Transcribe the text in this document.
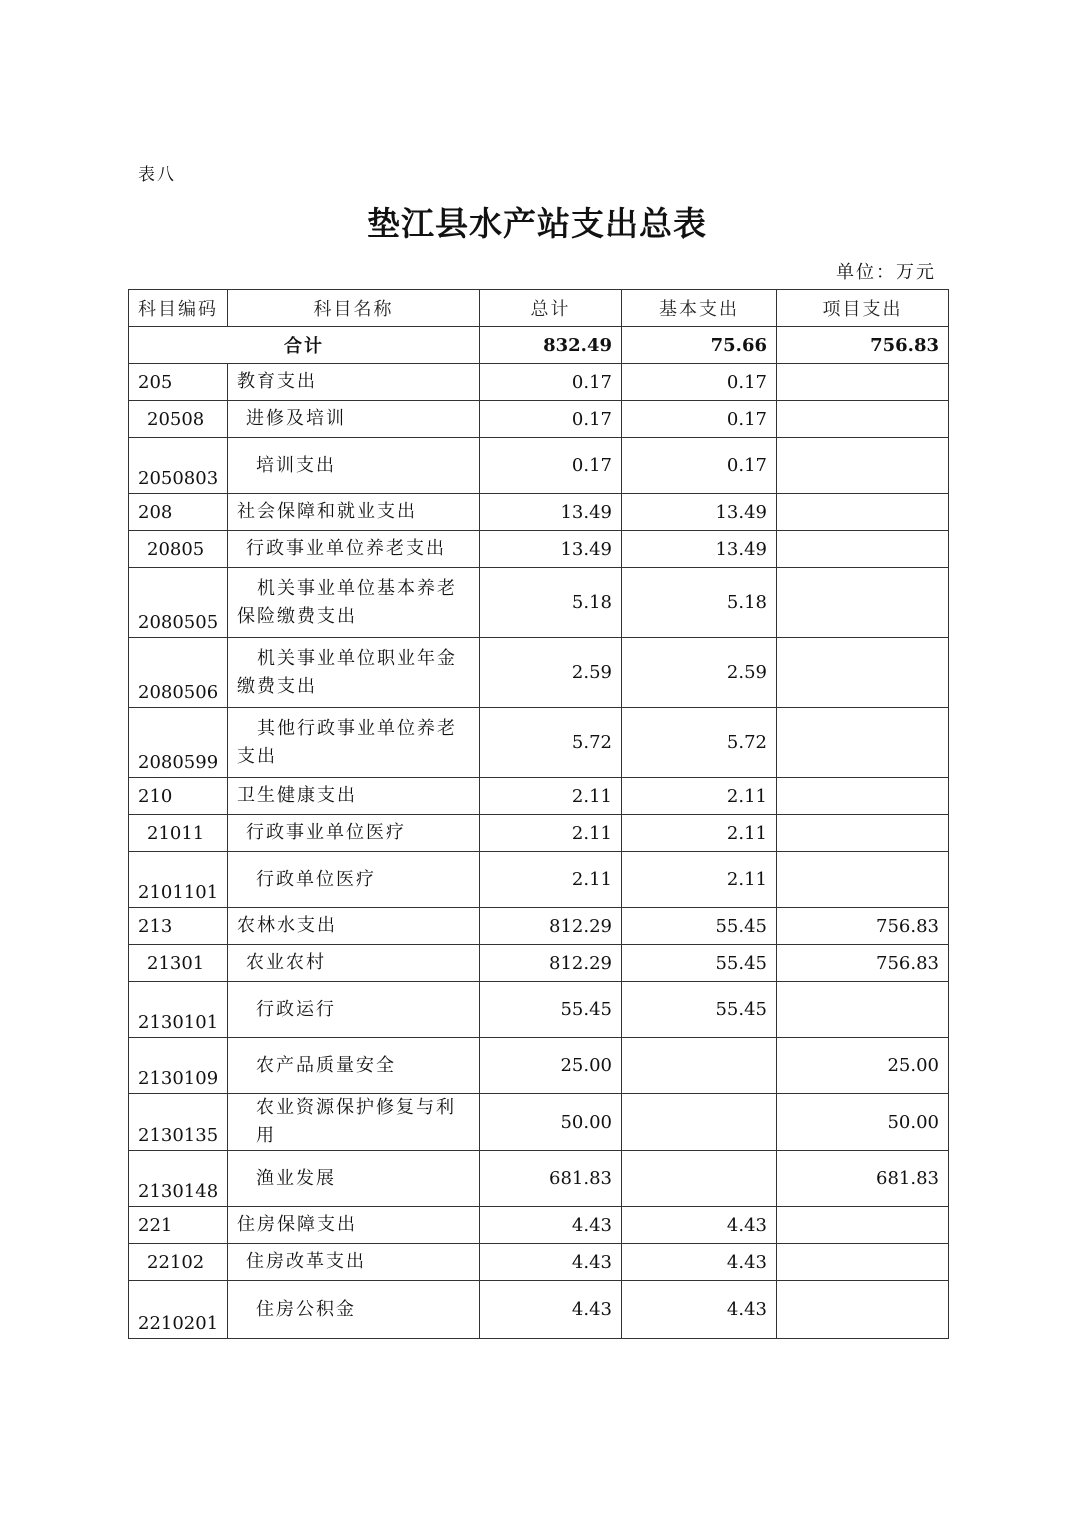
表八
垫江县水产站支出总表
单位：万元
科目编码	科目名称	总计	基本支出	项目支出
合计		832.49	75.66	756.83
205	教育支出	0.17	0.17	
20508	进修及培训	0.17	0.17	
2050803	培训支出	0.17	0.17	
208	社会保障和就业支出	13.49	13.49	
20805	行政事业单位养老支出	13.49	13.49	
2080505	机关事业单位基本养老保险缴费支出	5.18	5.18	
2080506	机关事业单位职业年金缴费支出	2.59	2.59	
2080599	其他行政事业单位养老支出	5.72	5.72	
210	卫生健康支出	2.11	2.11	
21011	行政事业单位医疗	2.11	2.11	
2101101	行政单位医疗	2.11	2.11	
213	农林水支出	812.29	55.45	756.83
21301	农业农村	812.29	55.45	756.83
2130101	行政运行	55.45	55.45	
2130109	农产品质量安全	25.00		25.00
2130135	农业资源保护修复与利用	50.00		50.00
2130148	渔业发展	681.83		681.83
221	住房保障支出	4.43	4.43	
22102	住房改革支出	4.43	4.43	
2210201	住房公积金	4.43	4.43	
